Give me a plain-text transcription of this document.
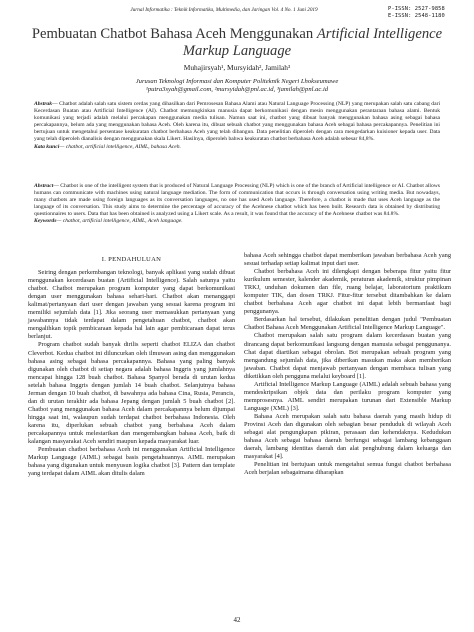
Jurnal Informatika : Teknik Informatika, Multimedia, dan Jaringan Vol. 4 No. 1 Juni 2019	P-ISSN: 2527-9858
E-ISSN: 2548-1180
Pembuatan Chatbot Bahasa Aceh Menggunakan Artificial Intelligence Markup Language
Muhajirsyah¹, Mursyidah², Jamilah³
Jurusan Teknologi Informasi dan Komputer Politeknik Negeri Lhokseumawe
¹putra3syah@gmail.com, ²mursyidah@pnl.ac.id, ³jamilah@pnl.ac.id
Abstrak— Chatbot adalah salah satu sistem cerdas yang dihasilkan dari Pemrosesan Bahasa Alami atau Natural Language Processing (NLP) yang merupakan salah satu cabang dari Kecerdasan Buatan atau Artificial Intelligence (AI). Chatbot memungkinkan manusia dapat berkomunikasi dengan mesin menggunakan perantaraan bahasa alami. Bentuk komunikasi yang terjadi adalah melalui percakapan menggunakan media tulisan. Namun saat ini, chatbot yang dibuat banyak menggunakan bahasa asing sebagai bahasa percakapannya, belum ada yang menggunakan bahasa Aceh. Oleh karena itu, dibuat sebuah chatbot yang menggunakan bahasa Aceh sebagai bahasa percakapannya. Penelitian ini bertujuan untuk mengetahui persentase keakuratan chatbot berbahasa Aceh yang telah dibangun. Data penelitian diperoleh dengan cara mengedarkan kuisioner kepada user. Data yang telah diperoleh dianalisis dengan menggunakan skala Likert. Hasilnya, diperoleh bahwa keakuratan chatbot berbahasa Aceh adalah sebesar 84,8%.
Kata kunci— chatbot, artificial intelligence, AIML, bahasa Aceh.
Abstract— Chatbot is one of the intelligent system that is produced of Natural Language Processing (NLP) which is one of the branch of Artificial intelligence or AI. Chatbot allows humans can communicate with machines using natural language mediation. The form of communication that occurs is through conversation using writing media. But nowadays, many chatbots are made using foreign languages as its conversation languages, no one has used Aceh language. Therefore, a chatbot is made that uses Aceh language as the language of its conversation. This study aims to determine the percentage of accuracy of the Acehnese chatbot which has been built. Research data is obtained by distributing questionnaires to users. Data that has been obtained is analyzed using a Likert scale. As a result, it was found that the accuracy of the Acehnese chatbot was 84.8%.
Keywords— chatbot, artificial intelligence, AIML, Aceh language.
I. PENDAHULUAN

Seiring dengan perkembangan teknologi, banyak aplikasi yang sudah dibuat menggunakan kecerdasan buatan (Artificial Intelligence). Salah satunya yaitu chatbot. Chatbot merupakan program komputer yang dapat berkomunikasi dengan user menggunakan bahasa sehari-hari. Chatbot akan menanggapi kalimat/pertanyaan dari user dengan jawaban yang sesuai karena program ini memiliki sejumlah data [1]. Jika seorang user memasukkan pertanyaan yang jawabannya tidak terdapat dalam pengetahuan chatbot, chatbot akan mengalihkan topik pembicaraan kepada hal lain agar pembicaraan dapat terus berlanjut.

Program chatbot sudah banyak dirilis seperti chatbot ELIZA dan chatbot Cleverbot. Kedua chatbot ini diluncurkan oleh ilmuwan asing dan menggunakan bahasa asing sebagai bahasa percakapannya. Bahasa yang paling banyak digunakan oleh chatbot di setiap negara adalah bahasa Inggris yang jumlahnya mencapai hingga 128 buah chatbot. Bahasa Spanyol berada di urutan kedua setelah bahasa Inggris dengan jumlah 14 buah chatbot. Selanjutnya bahasa Jerman dengan 10 buah chatbot, di bawahnya ada bahasa Cina, Rusia, Perancis, dan di urutan terakhir ada bahasa Jepang dengan jumlah 5 buah chatbot [2]. Chatbot yang menggunakan bahasa Aceh dalam percakapannya belum dijumpai hingga saat ini, walaupun sudah terdapat chatbot berbahasa Indonesia. Oleh karena itu, diperlukan sebuah chatbot yang berbahasa Aceh dalam percakapannya untuk melestarikan dan mengembangkan bahasa Aceh, baik di kalangan masyarakat Aceh sendiri maupun kepada masyarakat luar.

Pembuatan chatbot berbahasa Aceh ini menggunakan Artificial Intelligence Markup Language (AIML) sebagai basis pengetahuannya. AIML merupakan bahasa yang digunakan untuk menyusun logika chatbot [3]. Pattern dan template yang terdapat dalam AIML akan ditulis dalam

bahasa Aceh sehingga chatbot dapat memberikan jawaban berbahasa Aceh yang sesuai terhadap setiap kalimat input dari user.

Chatbot berbahasa Aceh ini dilengkapi dengan beberapa fitur yaitu fitur kurikulum semester, kalender akademik, peraturan akademik, struktur pimpinan TRKJ, unduhan dokumen dan file, ruang belajar, laboratorium praktikum komputer TIK, dan dosen TRKJ. Fitur-fitur tersebut ditambahkan ke dalam chatbot berbahasa Aceh agar chatbot ini dapat lebih bermanfaat bagi penggunanya.

Berdasarkan hal tersebut, dilakukan penelitian dengan judul "Pembuatan Chatbot Bahasa Aceh Menggunakan Artificial Intelligence Markup Language".

Chatbot merupakan salah satu program dalam kecerdasan buatan yang dirancang dapat berkomunikasi langsung dengan manusia sebagai penggunanya. Chat dapat diartikan sebagai obrolan. Bot merupakan sebuah program yang mengandung sejumlah data, jika diberikan masukan maka akan memberikan jawaban. Chatbot dapat menjawab pertanyaan dengan membaca tulisan yang diketikkan oleh pengguna melalui keyboard [1].

Artificial Intelligence Markup Language (AIML) adalah sebuah bahasa yang mendeskripsikan objek data dan perilaku program komputer yang memprosesnya. AIML sendiri merupakan turunan dari Extensible Markup Language (XML) [3].

Bahasa Aceh merupakan salah satu bahasa daerah yang masih hidup di Provinsi Aceh dan digunakan oleh sebagian besar penduduk di wilayah Aceh sebagai alat pengungkapan pikiran, perasaan dan kehendaknya. Kedudukan bahasa Aceh sebagai bahasa daerah berfungsi sebagai lambang kebanggaan daerah, lambang identitas daerah dan alat penghubung dalam keluarga dan masyarakat [4].

Penelitian ini bertujuan untuk mengetahui semua fungsi chatbot berbahasa Aceh berjalan sebagaimana diharapkan

42
